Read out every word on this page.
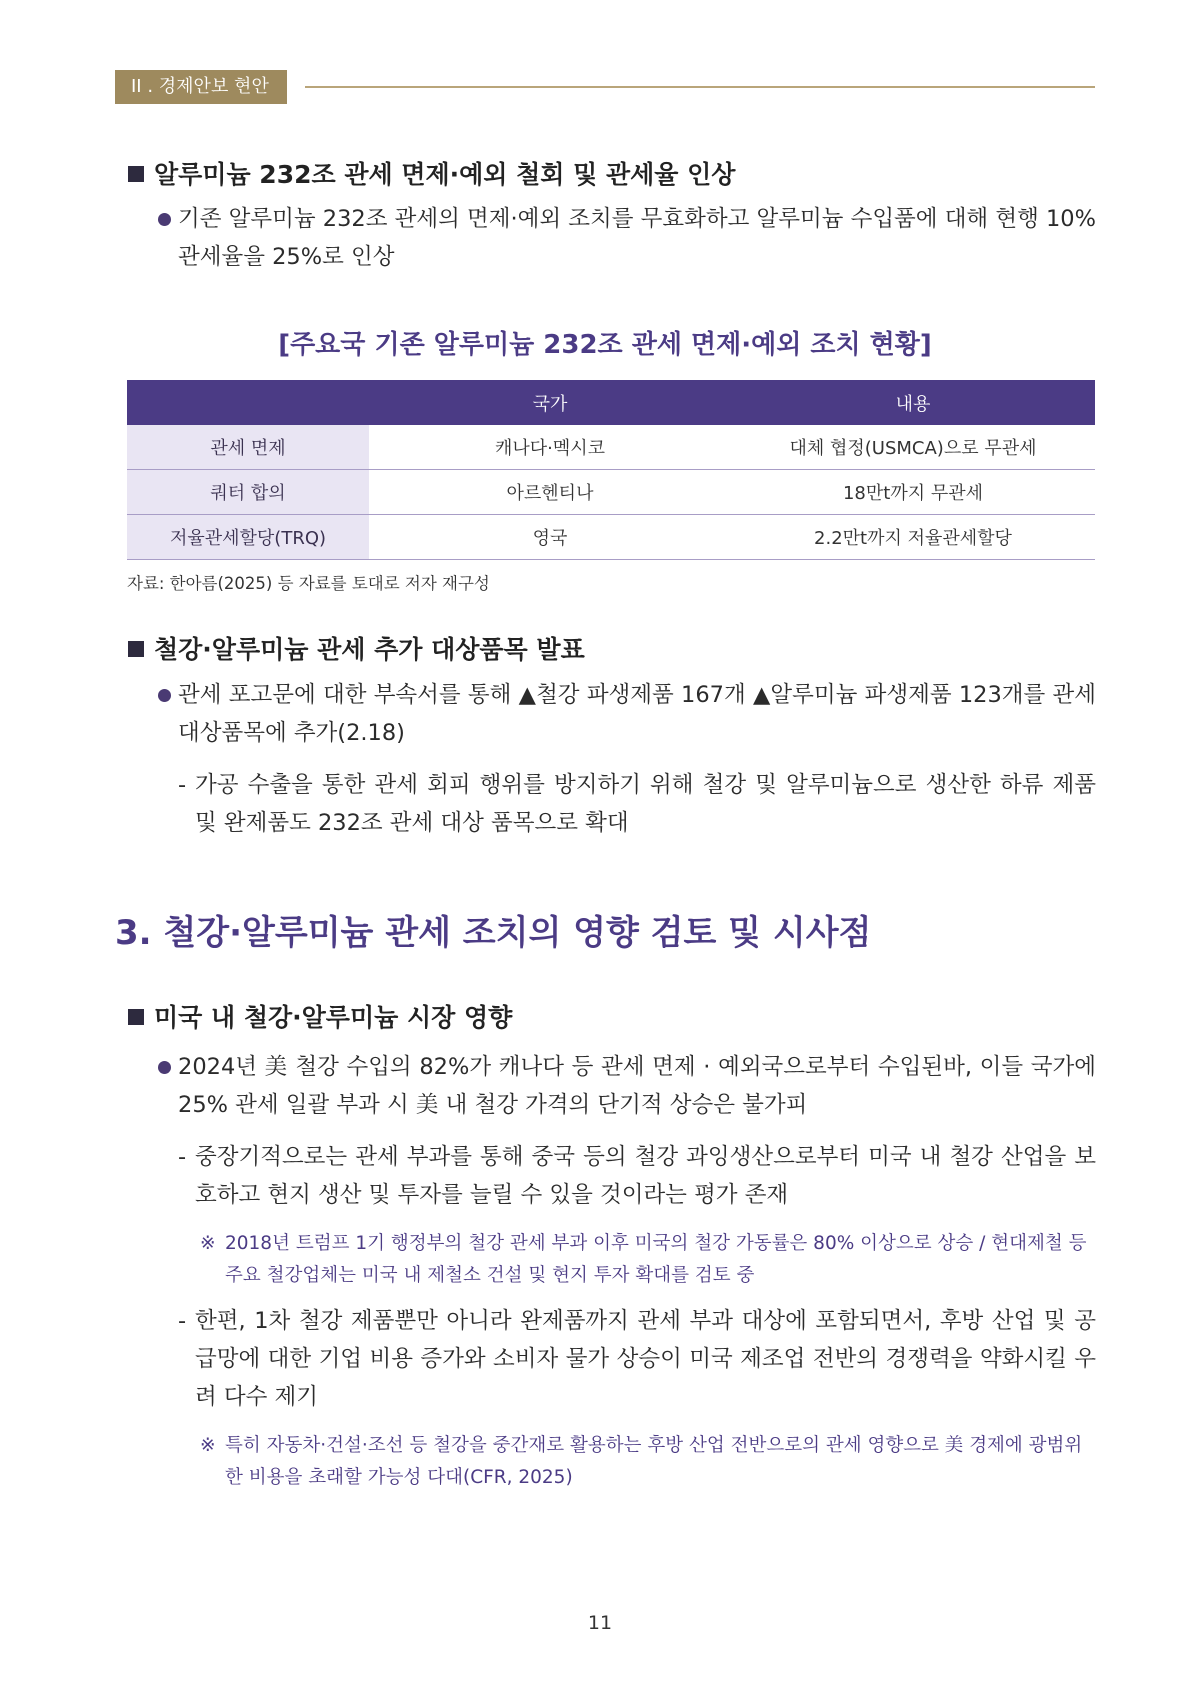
II . 경제안보 현안
알루미늄 232조 관세 면제·예외 철회 및 관세율 인상
기존 알루미늄 232조 관세의 면제·예외 조치를 무효화하고 알루미늄 수입품에 대해 현행 10% 관세율을 25%로 인상
[주요국 기존 알루미늄 232조 관세 면제·예외 조치 현황]
	국가	내용
관세 면제	캐나다·멕시코	대체 협정(USMCA)으로 무관세
쿼터 합의	아르헨티나	18만t까지 무관세
저율관세할당(TRQ)	영국	2.2만t까지 저율관세할당
자료: 한아름(2025) 등 자료를 토대로 저자 재구성
철강·알루미늄 관세 추가 대상품목 발표
관세 포고문에 대한 부속서를 통해 ▲철강 파생제품 167개 ▲알루미늄 파생제품 123개를 관세 대상품목에 추가(2.18)
- 가공 수출을 통한 관세 회피 행위를 방지하기 위해 철강 및 알루미늄으로 생산한 하류 제품 및 완제품도 232조 관세 대상 품목으로 확대
3. 철강·알루미늄 관세 조치의 영향 검토 및 시사점
미국 내 철강·알루미늄 시장 영향
2024년 美 철강 수입의 82%가 캐나다 등 관세 면제 · 예외국으로부터 수입된바, 이들 국가에 25% 관세 일괄 부과 시 美 내 철강 가격의 단기적 상승은 불가피
- 중장기적으로는 관세 부과를 통해 중국 등의 철강 과잉생산으로부터 미국 내 철강 산업을 보호하고 현지 생산 및 투자를 늘릴 수 있을 것이라는 평가 존재
※ 2018년 트럼프 1기 행정부의 철강 관세 부과 이후 미국의 철강 가동률은 80% 이상으로 상승 / 현대제철 등 주요 철강업체는 미국 내 제철소 건설 및 현지 투자 확대를 검토 중
- 한편, 1차 철강 제품뿐만 아니라 완제품까지 관세 부과 대상에 포함되면서, 후방 산업 및 공급망에 대한 기업 비용 증가와 소비자 물가 상승이 미국 제조업 전반의 경쟁력을 약화시킬 우려 다수 제기
※ 특히 자동차·건설·조선 등 철강을 중간재로 활용하는 후방 산업 전반으로의 관세 영향으로 美 경제에 광범위한 비용을 초래할 가능성 다대(CFR, 2025)
11
